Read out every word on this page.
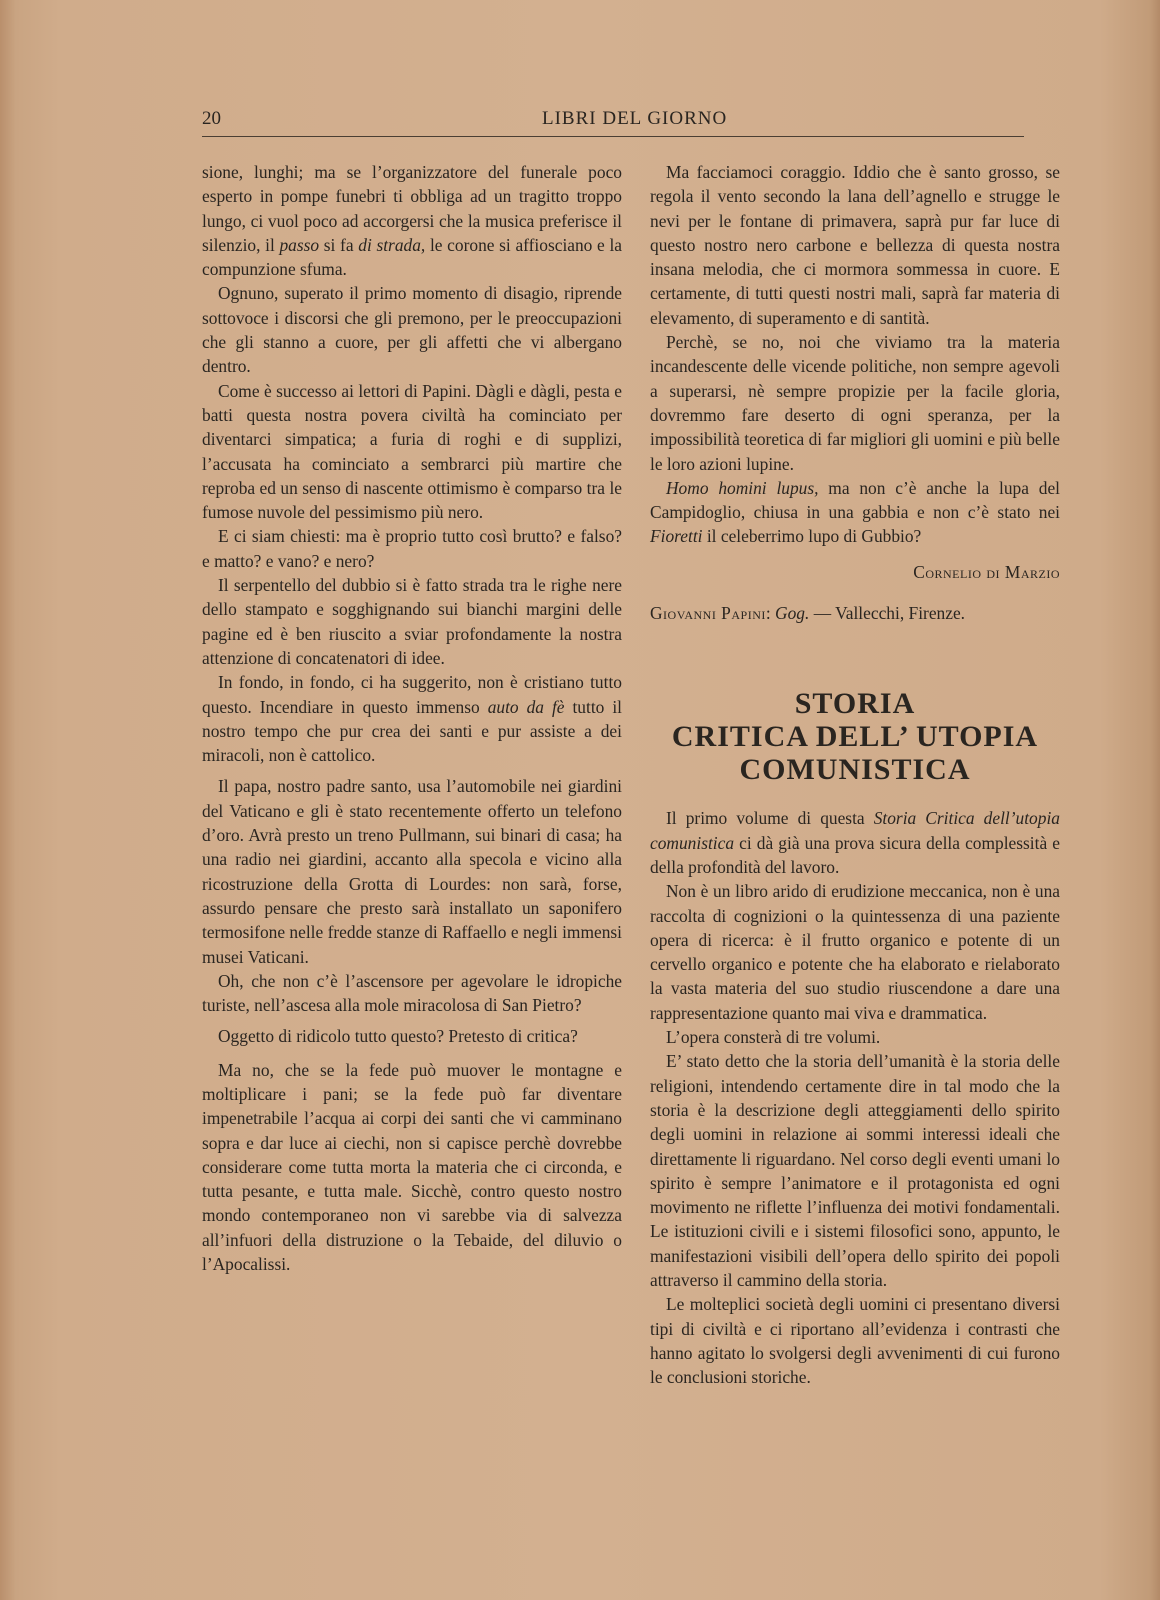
20	LIBRI DEL GIORNO

sione, lunghi; ma se l’organizzatore del funerale poco esperto in pompe funebri ti obbliga ad un tragitto troppo lungo, ci vuol poco ad accorgersi che la musica preferisce il silenzio, il passo si fa di strada, le corone si affiosciano e la compunzione sfuma.

Ognuno, superato il primo momento di disagio, riprende sottovoce i discorsi che gli premono, per le preoccupazioni che gli stanno a cuore, per gli affetti che vi albergano dentro.

Come è successo ai lettori di Papini. Dàgli e dàgli, pesta e batti questa nostra povera civiltà ha cominciato per diventarci simpatica; a furia di roghi e di supplizi, l’accusata ha cominciato a sembrarci più martire che reproba ed un senso di nascente ottimismo è comparso tra le fumose nuvole del pessimismo più nero.

E ci siam chiesti: ma è proprio tutto così brutto? e falso? e matto? e vano? e nero?

Il serpentello del dubbio si è fatto strada tra le righe nere dello stampato e sogghignando sui bianchi margini delle pagine ed è ben riuscito a sviar profondamente la nostra attenzione di concatenatori di idee.

In fondo, in fondo, ci ha suggerito, non è cristiano tutto questo. Incendiare in questo immenso auto da fè tutto il nostro tempo che pur crea dei santi e pur assiste a dei miracoli, non è cattolico.

Il papa, nostro padre santo, usa l’automobile nei giardini del Vaticano e gli è stato recentemente offerto un telefono d’oro. Avrà presto un treno Pullmann, sui binari di casa; ha una radio nei giardini, accanto alla specola e vicino alla ricostruzione della Grotta di Lourdes: non sarà, forse, assurdo pensare che presto sarà installato un saponifero termosifone nelle fredde stanze di Raffaello e negli immensi musei Vaticani.

Oh, che non c’è l’ascensore per agevolare le idropiche turiste, nell’ascesa alla mole miracolosa di San Pietro?

Oggetto di ridicolo tutto questo? Pretesto di critica?

Ma no, che se la fede può muover le montagne e moltiplicare i pani; se la fede può far diventare impenetrabile l’acqua ai corpi dei santi che vi camminano sopra e dar luce ai ciechi, non si capisce perchè dovrebbe considerare come tutta morta la materia che ci circonda, e tutta pesante, e tutta male. Sicchè, contro questo nostro mondo contemporaneo non vi sarebbe via di salvezza all’infuori della distruzione o la Tebaide, del diluvio o l’Apocalissi.

Ma facciamoci coraggio. Iddio che è santo grosso, se regola il vento secondo la lana dell’agnello e strugge le nevi per le fontane di primavera, saprà pur far luce di questo nostro nero carbone e bellezza di questa nostra insana melodia, che ci mormora sommessa in cuore. E certamente, di tutti questi nostri mali, saprà far materia di elevamento, di superamento e di santità.

Perchè, se no, noi che viviamo tra la materia incandescente delle vicende politiche, non sempre agevoli a superarsi, nè sempre propizie per la facile gloria, dovremmo fare deserto di ogni speranza, per la impossibilità teoretica di far migliori gli uomini e più belle le loro azioni lupine.

Homo homini lupus, ma non c’è anche la lupa del Campidoglio, chiusa in una gabbia e non c’è stato nei Fioretti il celeberrimo lupo di Gubbio?

Cornelio di Marzio

Giovanni Papini: Gog. — Vallecchi, Firenze.

STORIA
CRITICA DELL’ UTOPIA
COMUNISTICA

Il primo volume di questa Storia Critica dell’utopia comunistica ci dà già una prova sicura della complessità e della profondità del lavoro.

Non è un libro arido di erudizione meccanica, non è una raccolta di cognizioni o la quintessenza di una paziente opera di ricerca: è il frutto organico e potente di un cervello organico e potente che ha elaborato e rielaborato la vasta materia del suo studio riuscendone a dare una rappresentazione quanto mai viva e drammatica.

L’opera consterà di tre volumi.

E’ stato detto che la storia dell’umanità è la storia delle religioni, intendendo certamente dire in tal modo che la storia è la descrizione degli atteggiamenti dello spirito degli uomini in relazione ai sommi interessi ideali che direttamente li riguardano. Nel corso degli eventi umani lo spirito è sempre l’animatore e il protagonista ed ogni movimento ne riflette l’influenza dei motivi fondamentali. Le istituzioni civili e i sistemi filosofici sono, appunto, le manifestazioni visibili dell’opera dello spirito dei popoli attraverso il cammino della storia.

Le molteplici società degli uomini ci presentano diversi tipi di civiltà e ci riportano all’evidenza i contrasti che hanno agitato lo svolgersi degli avvenimenti di cui furono le conclusioni storiche.
